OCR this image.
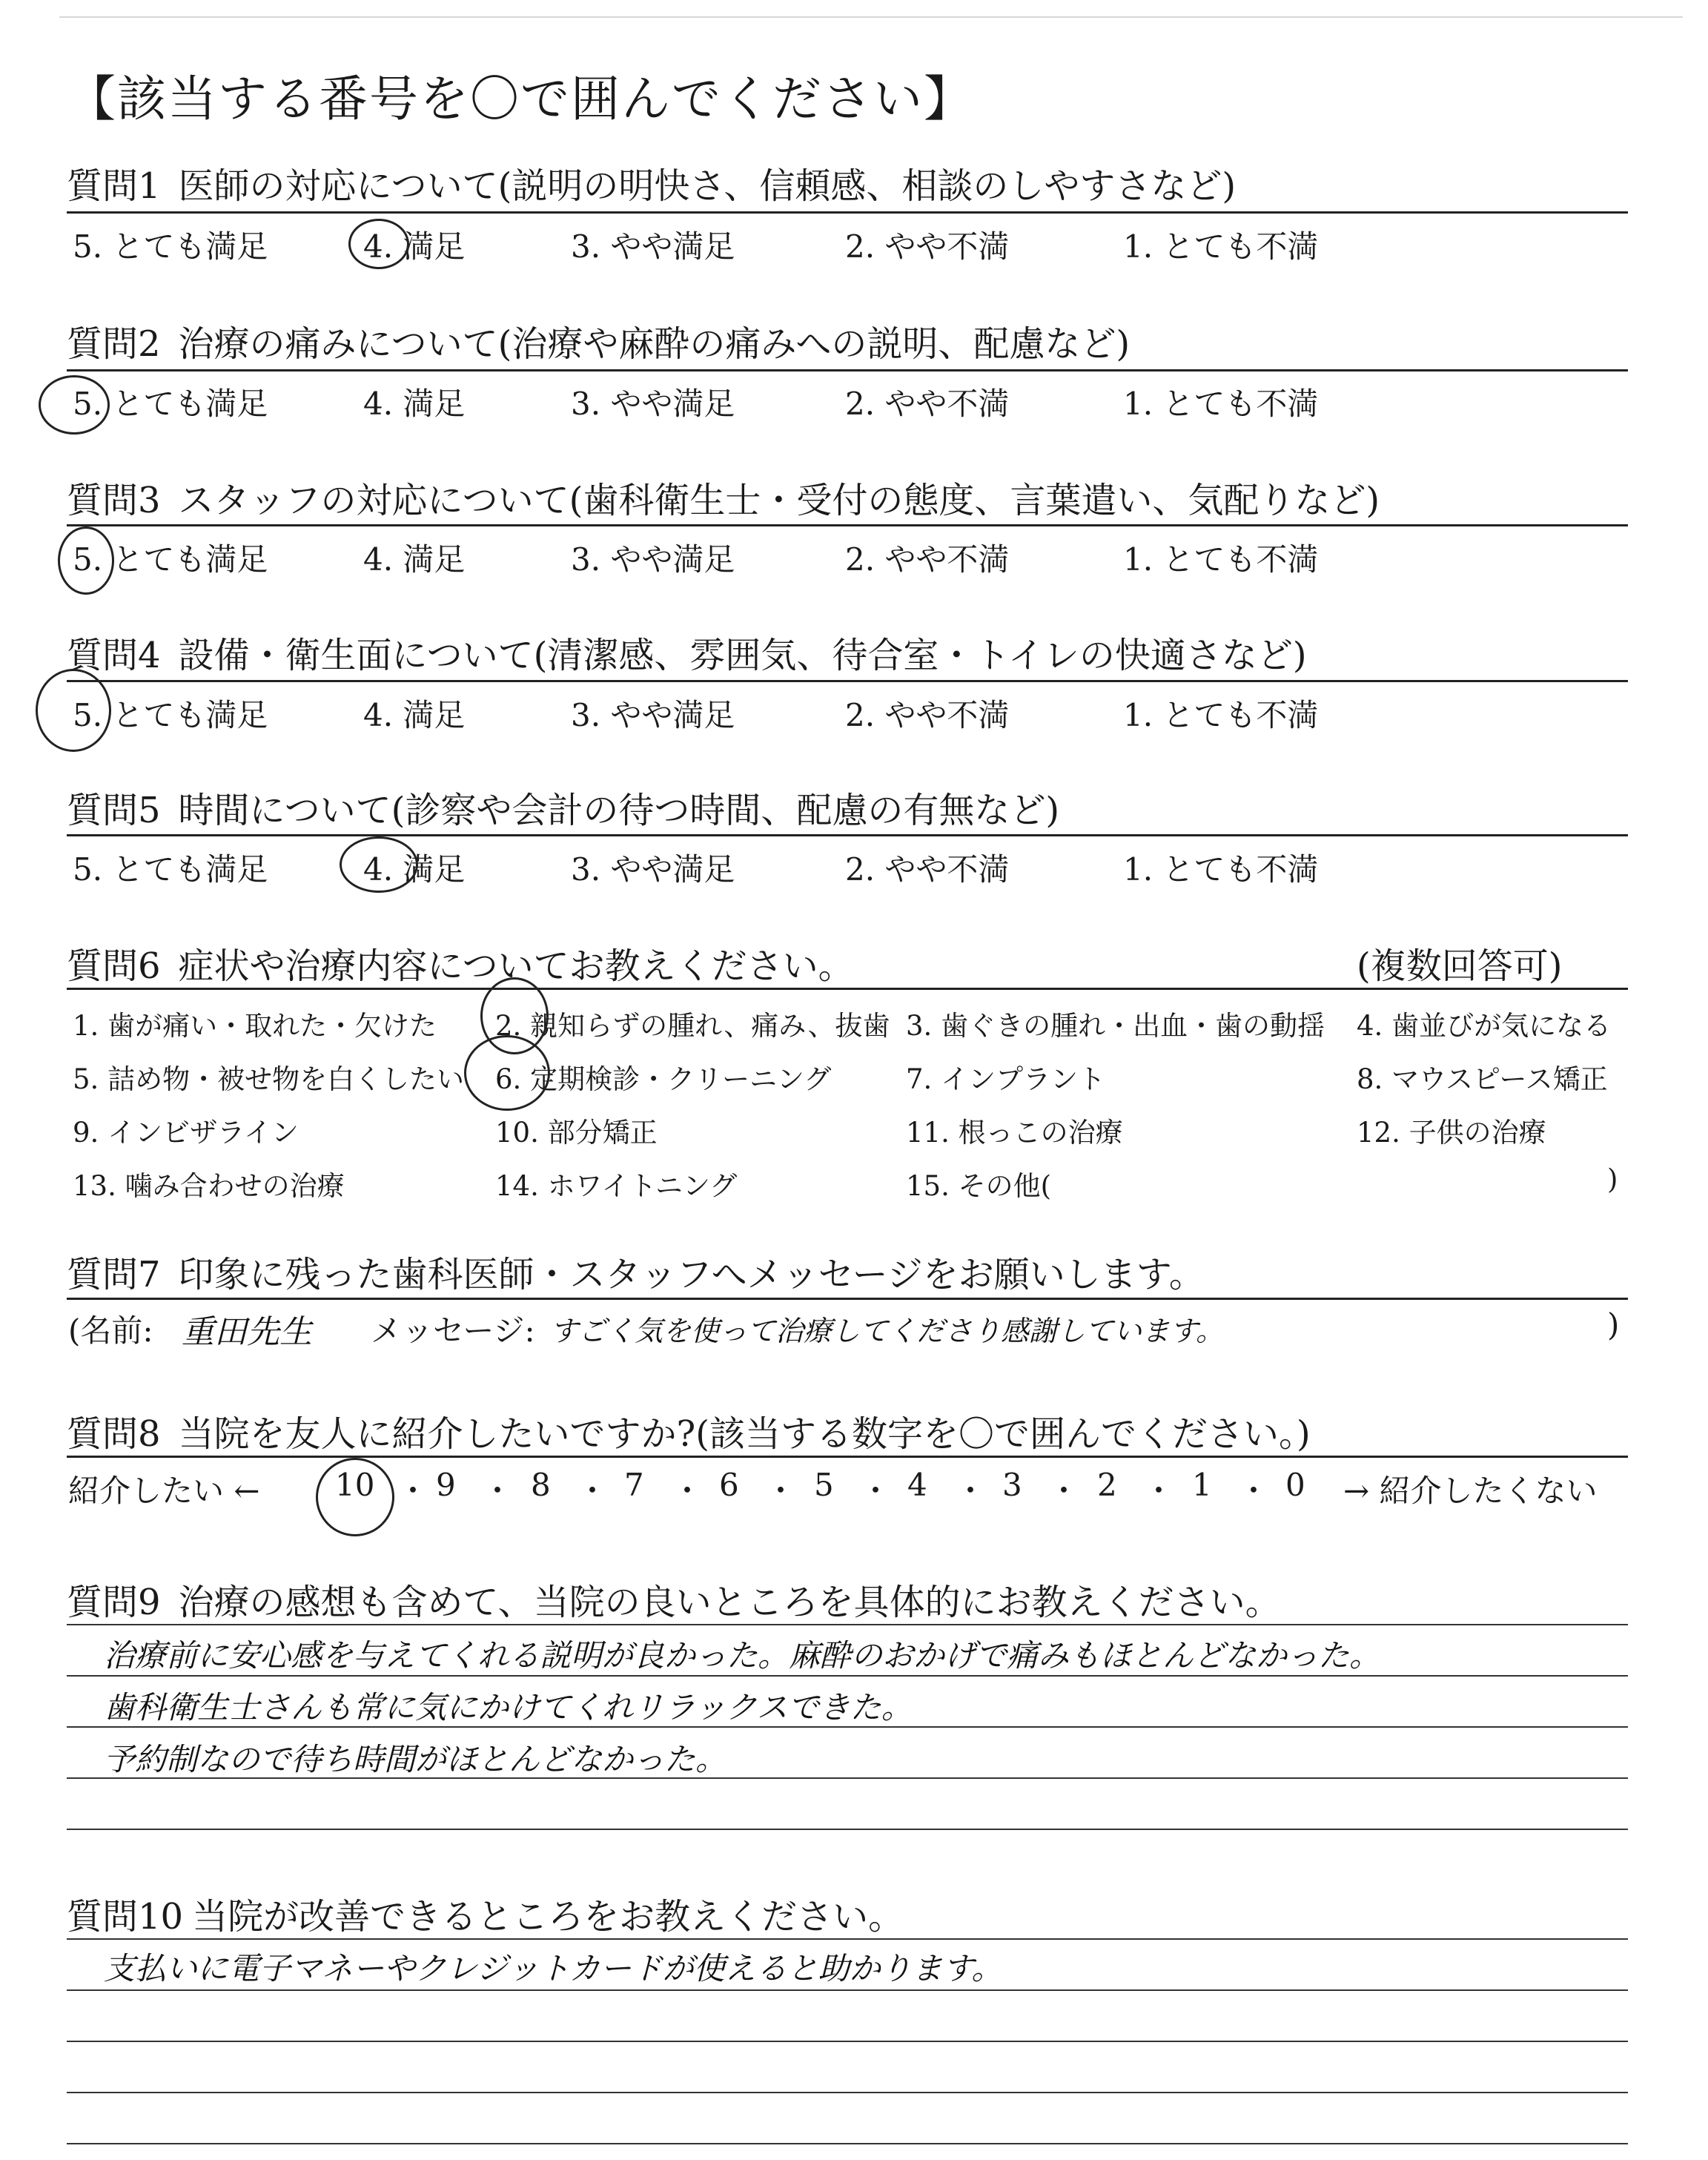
【該当する番号を〇で囲んでください】
質問1 医師の対応について(説明の明快さ、信頼感、相談のしやすさなど)
5. とても満足	4. 満足	3. やや満足	2. やや不満	1. とても不満
質問2 治療の痛みについて(治療や麻酔の痛みへの説明、配慮など)
5. とても満足	4. 満足	3. やや満足	2. やや不満	1. とても不満
質問3 スタッフの対応について(歯科衛生士・受付の態度、言葉遣い、気配りなど)
5. とても満足	4. 満足	3. やや満足	2. やや不満	1. とても不満
質問4 設備・衛生面について(清潔感、雰囲気、待合室・トイレの快適さなど)
5. とても満足	4. 満足	3. やや満足	2. やや不満	1. とても不満
質問5 時間について(診察や会計の待つ時間、配慮の有無など)
5. とても満足	4. 満足	3. やや満足	2. やや不満	1. とても不満
質問6 症状や治療内容についてお教えください。	(複数回答可)
1. 歯が痛い・取れた・欠けた 2. 親知らずの腫れ、痛み、抜歯 3. 歯ぐきの腫れ・出血・歯の動揺 4. 歯並びが気になる
5. 詰め物・被せ物を白くしたい 6. 定期検診・クリーニング	7. インプラント	8. マウスピース矯正
9. インビザライン	10. 部分矯正	11. 根っこの治療	12. 子供の治療
13. 噛み合わせの治療	14. ホワイトニング	15. その他(	)
質問7 印象に残った歯科医師・スタッフへメッセージをお願いします。
(名前: 重田先生 メッセージ: すごく気を使って治療してくださり感謝しています。	)
質問8 当院を友人に紹介したいですか?(該当する数字を〇で囲んでください。)
紹介したい ← 10 ・ 9 ・ 8 ・ 7 ・ 6 ・ 5 ・ 4 ・ 3 ・ 2 ・ 1 ・ 0 → 紹介したくない
質問9 治療の感想も含めて、当院の良いところを具体的にお教えください。
治療前に安心感を与えてくれる説明が良かった。麻酔のおかげで痛みもほとんどなかった。
歯科衛生士さんも常に気にかけてくれリラックスできた。
予約制なので待ち時間がほとんどなかった。
質問10 当院が改善できるところをお教えください。
支払いに電子マネーやクレジットカードが使えると助かります。
